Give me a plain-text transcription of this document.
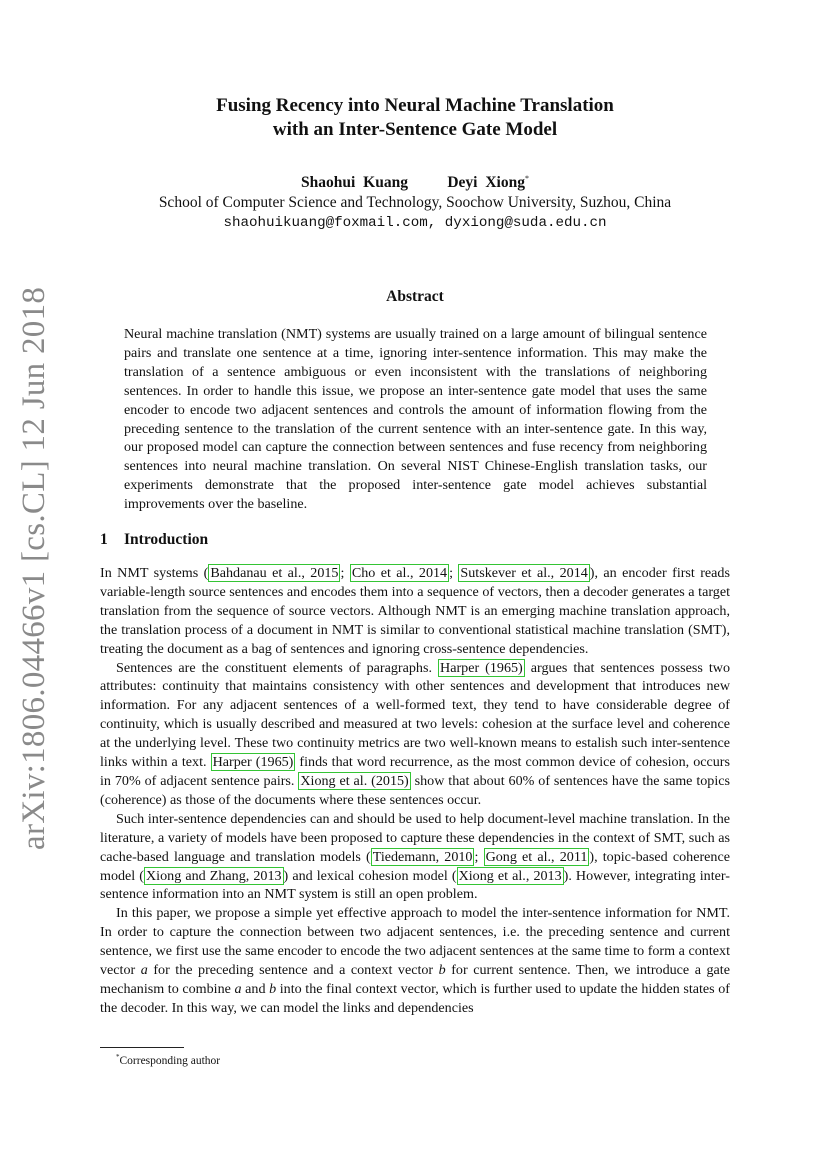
arXiv:1806.04466v1 [cs.CL] 12 Jun 2018
Fusing Recency into Neural Machine Translation
with an Inter-Sentence Gate Model
Shaohui Kuang	Deyi Xiong*
School of Computer Science and Technology, Soochow University, Suzhou, China
shaohuikuang@foxmail.com, dyxiong@suda.edu.cn
Abstract

Neural machine translation (NMT) systems are usually trained on a large amount of bilingual sentence pairs and translate one sentence at a time, ignoring inter-sentence information. This may make the translation of a sentence ambiguous or even inconsistent with the translations of neighboring sentences. In order to handle this issue, we propose an inter-sentence gate model that uses the same encoder to encode two adjacent sentences and controls the amount of information flowing from the preceding sentence to the translation of the current sentence with an inter-sentence gate. In this way, our proposed model can capture the connection between sentences and fuse recency from neighboring sentences into neural machine translation. On several NIST Chinese-English translation tasks, our experiments demonstrate that the proposed inter-sentence gate model achieves substantial improvements over the baseline.

1 Introduction

In NMT systems ( Bahdanau et al., 2015 ; Cho et al., 2014 ; Sutskever et al., 2014 ), an encoder first reads variable-length source sentences and encodes them into a sequence of vectors, then a decoder generates a target translation from the sequence of source vectors. Although NMT is an emerging machine translation approach, the translation process of a document in NMT is similar to conventional statistical machine translation (SMT), treating the document as a bag of sentences and ignoring cross-sentence dependencies.

Sentences are the constituent elements of paragraphs. Harper (1965) argues that sentences possess two attributes: continuity that maintains consistency with other sentences and development that introduces new information. For any adjacent sentences of a well-formed text, they tend to have considerable degree of continuity, which is usually described and measured at two levels: cohesion at the surface level and coherence at the underlying level. These two continuity metrics are two well-known means to estalish such inter-sentence links within a text. Harper (1965) finds that word recurrence, as the most common device of cohesion, occurs in 70% of adjacent sentence pairs. Xiong et al. (2015) show that about 60% of sentences have the same topics (coherence) as those of the documents where these sentences occur.

Such inter-sentence dependencies can and should be used to help document-level machine translation. In the literature, a variety of models have been proposed to capture these dependencies in the context of SMT, such as cache-based language and translation models ( Tiedemann, 2010 ; Gong et al., 2011 ), topic-based coherence model ( Xiong and Zhang, 2013 ) and lexical cohesion model ( Xiong et al., 2013 ). However, integrating inter-sentence information into an NMT system is still an open problem.

In this paper, we propose a simple yet effective approach to model the inter-sentence information for NMT. In order to capture the connection between two adjacent sentences, i.e. the preceding sentence and current sentence, we first use the same encoder to encode the two adjacent sentences at the same time to form a context vector a for the preceding sentence and a context vector b for current sentence. Then, we introduce a gate mechanism to combine a and b into the final context vector, which is further used to update the hidden states of the decoder. In this way, we can model the links and dependencies

*Corresponding author
